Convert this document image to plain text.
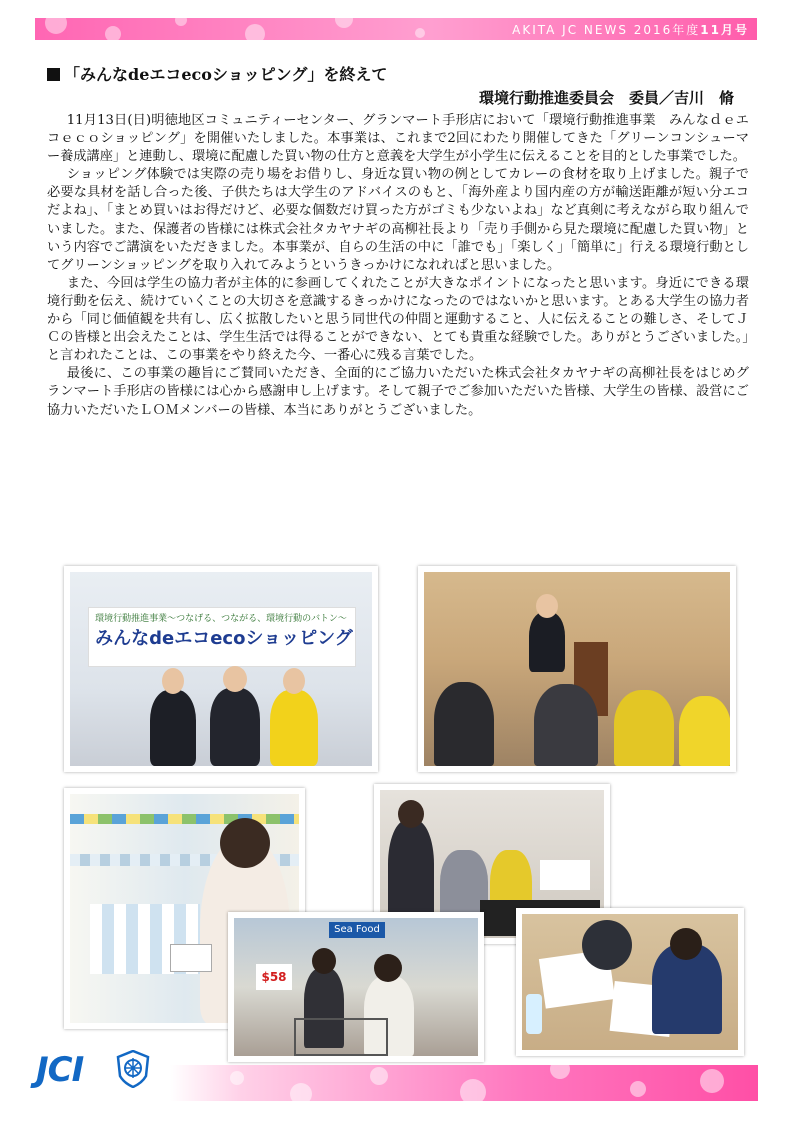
AKITA JC NEWS 2016年度11月号
「みんなdeエコecoショッピング」を終えて
環境行動推進委員会　委員／吉川　脩

11月13日(日)明徳地区コミュニティーセンター、グランマート手形店において「環境行動推進事業　みんなｄｅエコｅｃｏショッピング」を開催いたしました。本事業は、これまで2回にわたり開催してきた「グリーンコンシューマー養成講座」と連動し、環境に配慮した買い物の仕方と意義を大学生が小学生に伝えることを目的とした事業でした。

ショッピング体験では実際の売り場をお借りし、身近な買い物の例としてカレーの食材を取り上げました。親子で必要な具材を話し合った後、子供たちは大学生のアドバイスのもと、「海外産より国内産の方が輸送距離が短い分エコだよね」、「まとめ買いはお得だけど、必要な個数だけ買った方がゴミも少ないよね」など真剣に考えながら取り組んでいました。また、保護者の皆様には株式会社タカヤナギの高柳社長より「売り手側から見た環境に配慮した買い物」という内容でご講演をいただきました。本事業が、自らの生活の中に「誰でも」「楽しく」「簡単に」行える環境行動としてグリーンショッピングを取り入れてみようというきっかけになれればと思いました。

また、今回は学生の協力者が主体的に参画してくれたことが大きなポイントになったと思います。身近にできる環境行動を伝え、続けていくことの大切さを意識するきっかけになったのではないかと思います。とある大学生の協力者から「同じ価値観を共有し、広く拡散したいと思う同世代の仲間と運動すること、人に伝えることの難しさ、そしてＪＣの皆様と出会えたことは、学生生活では得ることができない、とても貴重な経験でした。ありがとうございました。」と言われたことは、この事業をやり終えた今、一番心に残る言葉でした。

最後に、この事業の趣旨にご賛同いただき、全面的にご協力いただいた株式会社タカヤナギの高柳社長をはじめグランマート手形店の皆様には心から感謝申し上げます。そして親子でご参加いただいた皆様、大学生の皆様、設営にご協力いただいたＬＯＭメンバーの皆様、本当にありがとうございました。

環境行動推進事業～つなげる、つながる、環境行動のバトン～
みんなdeエコecoショッピング
Sea Food
$58
JCI
